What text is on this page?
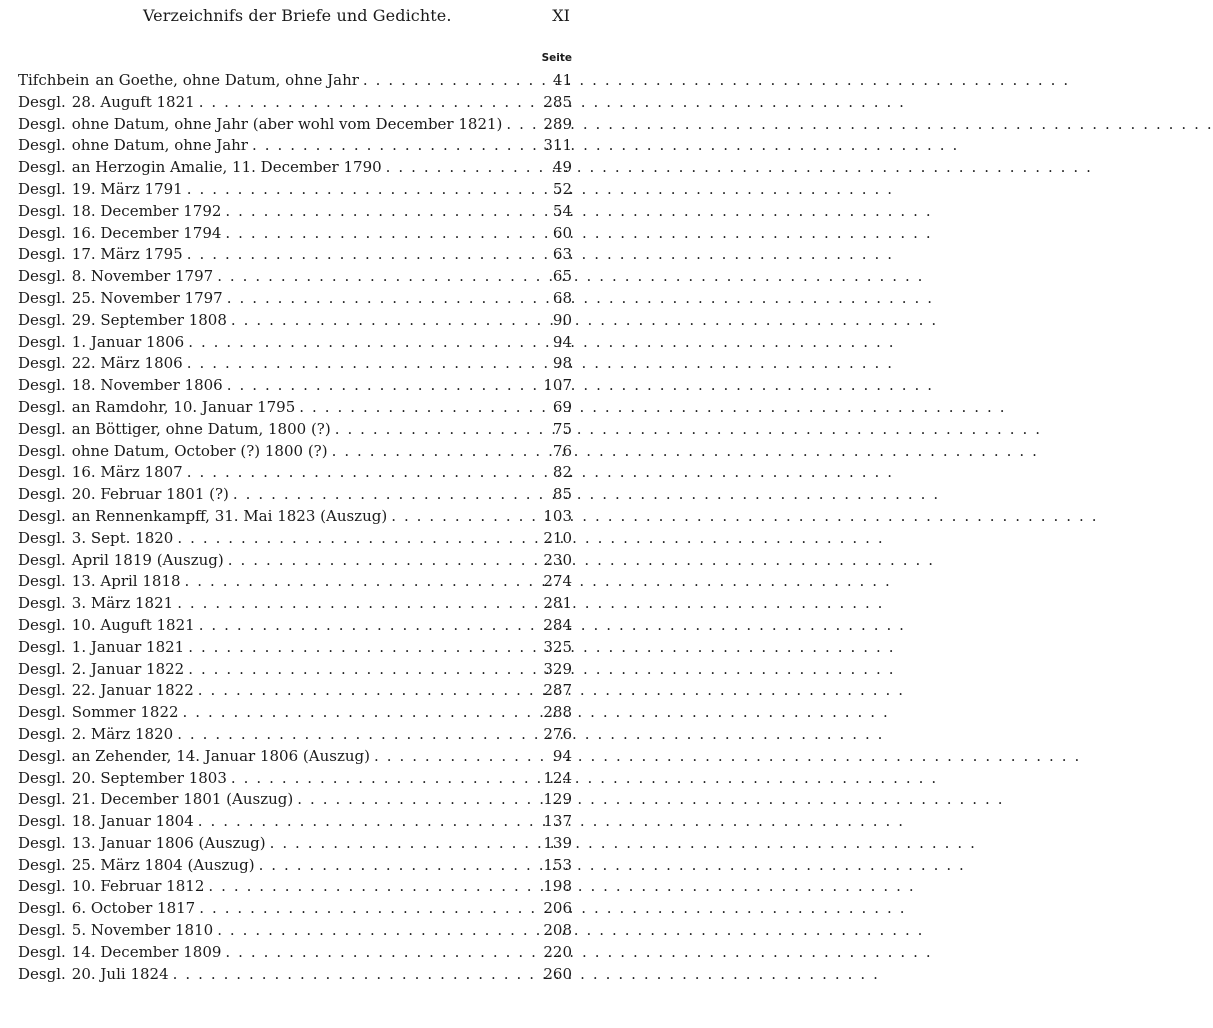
Verzeichnifs der Briefe und Gedichte.	XI
Seite
Tifchbein an Goethe, ohne Datum, ohne Jahr . . .	41
Desgl. 28. Auguft 1821 . . .	285
Desgl. ohne Datum, ohne Jahr (aber wohl vom December 1821) . . .	289
Desgl. ohne Datum, ohne Jahr . . .	311
Desgl. an Herzogin Amalie, 11. December 1790 . . .	49
Desgl. 19. März 1791 . . .	52
Desgl. 18. December 1792 . . .	54
Desgl. 16. December 1794 . . .	60
Desgl. 17. März 1795 . . .	63
Desgl. 8. November 1797 . . .	65
Desgl. 25. November 1797 . . .	68
Desgl. 29. September 1808 . . .	90
Desgl. 1. Januar 1806 . . .	94
Desgl. 22. März 1806 . . .	98
Desgl. 18. November 1806 . . .	107
Desgl. an Ramdohr, 10. Januar 1795 . . .	69
Desgl. an Böttiger, ohne Datum, 1800 (?) . . .	75
Desgl. ohne Datum, October (?) 1800 (?) . . .	76
Desgl. 16. März 1807 . . .	82
Desgl. 20. Februar 1801 (?) . . .	85
Desgl. an Rennenkampff, 31. Mai 1823 (Auszug) . . .	103
Desgl. 3. Sept. 1820 . . .	210
Desgl. April 1819 (Auszug) . . .	230
Desgl. 13. April 1818 . . .	274
Desgl. 3. März 1821 . . .	281
Desgl. 10. Auguft 1821 . . .	284
Desgl. 1. Januar 1821 . . .	325
Desgl. 2. Januar 1822 . . .	329
Desgl. 22. Januar 1822 . . .	287
Desgl. Sommer 1822 . . .	288
Desgl. 2. März 1820 . . .	276
Desgl. an Zehender, 14. Januar 1806 (Auszug) . . .	94
Desgl. 20. September 1803 . . .	124
Desgl. 21. December 1801 (Auszug) . . .	129
Desgl. 18. Januar 1804 . . .	137
Desgl. 13. Januar 1806 (Auszug) . . .	139
Desgl. 25. März 1804 (Auszug) . . .	153
Desgl. 10. Februar 1812 . . .	198
Desgl. 6. October 1817 . . .	206
Desgl. 5. November 1810 . . .	208
Desgl. 14. December 1809 . . .	220
Desgl. 20. Juli 1824 . . .	260
